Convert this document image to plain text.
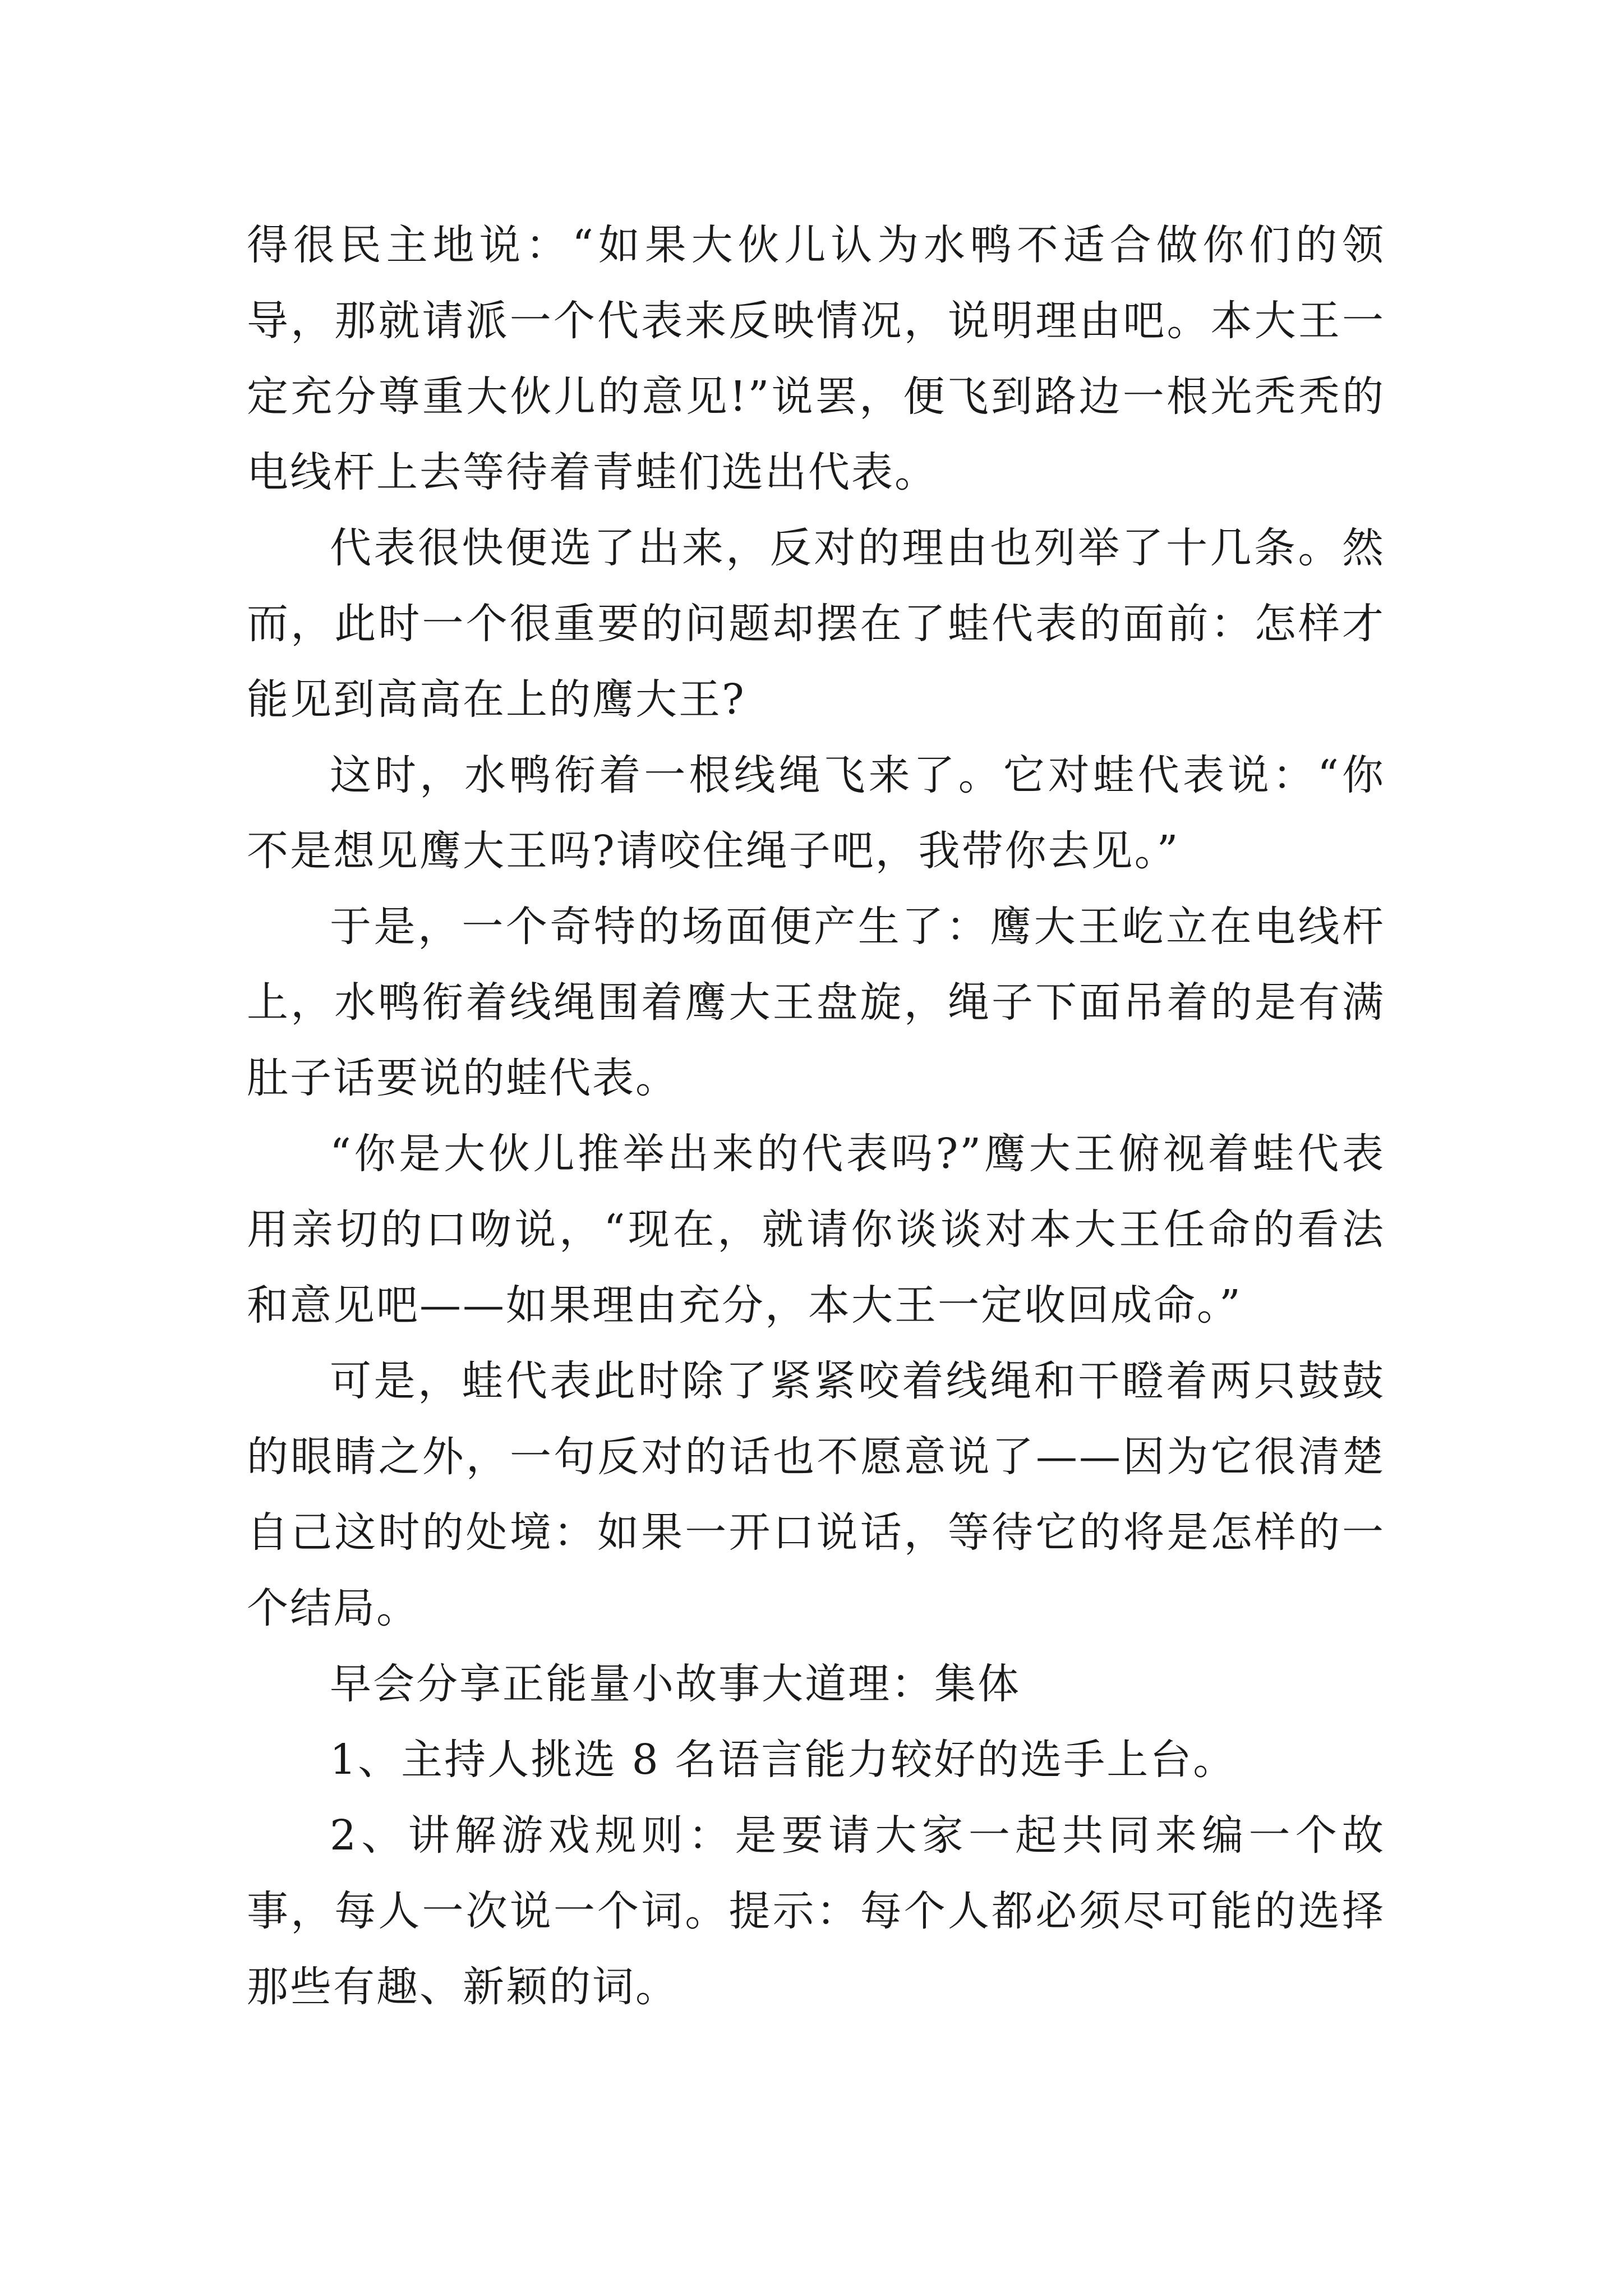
得很民主地说：“如果大伙儿认为水鸭不适合做你们的领导，那就请派一个代表来反映情况，说明理由吧。本大王一定充分尊重大伙儿的意见!”说罢，便飞到路边一根光秃秃的电线杆上去等待着青蛙们选出代表。

代表很快便选了出来，反对的理由也列举了十几条。然而，此时一个很重要的问题却摆在了蛙代表的面前：怎样才能见到高高在上的鹰大王?

这时，水鸭衔着一根线绳飞来了。它对蛙代表说：“你不是想见鹰大王吗?请咬住绳子吧，我带你去见。”

于是，一个奇特的场面便产生了：鹰大王屹立在电线杆上，水鸭衔着线绳围着鹰大王盘旋，绳子下面吊着的是有满肚子话要说的蛙代表。

“你是大伙儿推举出来的代表吗?”鹰大王俯视着蛙代表用亲切的口吻说，“现在，就请你谈谈对本大王任命的看法和意见吧——如果理由充分，本大王一定收回成命。”

可是，蛙代表此时除了紧紧咬着线绳和干瞪着两只鼓鼓的眼睛之外，一句反对的话也不愿意说了——因为它很清楚自己这时的处境：如果一开口说话，等待它的将是怎样的一个结局。

早会分享正能量小故事大道理：集体

1、主持人挑选 8 名语言能力较好的选手上台。

2、讲解游戏规则：是要请大家一起共同来编一个故事，每人一次说一个词。提示：每个人都必须尽可能的选择那些有趣、新颖的词。
